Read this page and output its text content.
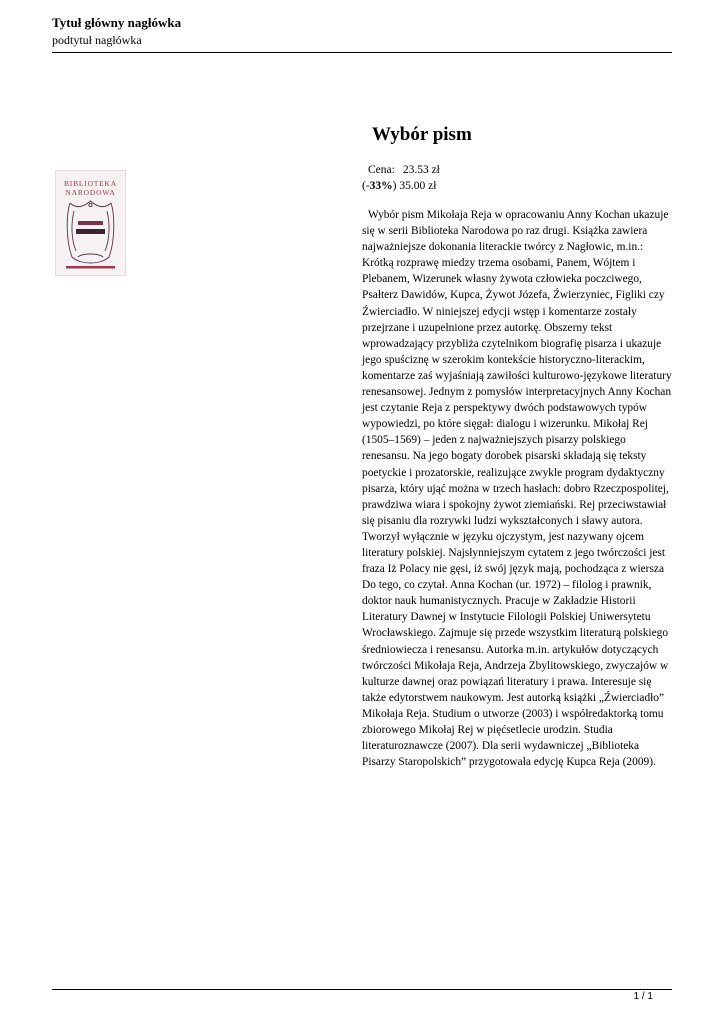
Tytuł główny nagłówka
podtytuł nagłówka
BIBLIOTEKA
NARODOWA
Wybór pism
Cena: 23.53 zł
(-33%) 35.00 zł

Wybór pism Mikołaja Reja w opracowaniu Anny Kochan ukazuje się w serii Biblioteka Narodowa po raz drugi. Książka zawiera najważniejsze dokonania literackie twórcy z Nagłowic, m.in.: Krótką rozprawę miedzy trzema osobami, Panem, Wójtem i Plebanem, Wizerunek własny żywota człowieka poczciwego, Psałterz Dawidów, Kupca, Żywot Józefa, Źwierzyniec, Figliki czy Źwierciadło. W niniejszej edycji wstęp i komentarze zostały przejrzane i uzupełnione przez autorkę. Obszerny tekst wprowadzający przybliża czytelnikom biografię pisarza i ukazuje jego spuściznę w szerokim kontekście historyczno-literackim, komentarze zaś wyjaśniają zawiłości kulturowo-językowe literatury renesansowej. Jednym z pomysłów interpretacyjnych Anny Kochan jest czytanie Reja z perspektywy dwóch podstawowych typów wypowiedzi, po które sięgał: dialogu i wizerunku. Mikołaj Rej (1505–1569) – jeden z najważniejszych pisarzy polskiego renesansu. Na jego bogaty dorobek pisarski składają się teksty poetyckie i prozatorskie, realizujące zwykle program dydaktyczny pisarza, który ująć można w trzech hasłach: dobro Rzeczpospolitej, prawdziwa wiara i spokojny żywot ziemiański. Rej przeciwstawiał się pisaniu dla rozrywki ludzi wykształconych i sławy autora. Tworzył wyłącznie w języku ojczystym, jest nazywany ojcem literatury polskiej. Najsłynniejszym cytatem z jego twórczości jest fraza Iż Polacy nie gęsi, iż swój język mają, pochodząca z wiersza Do tego, co czytał. Anna Kochan (ur. 1972) – filolog i prawnik, doktor nauk humanistycznych. Pracuje w Zakładzie Historii Literatury Dawnej w Instytucie Filologii Polskiej Uniwersytetu Wrocławskiego. Zajmuje się przede wszystkim literaturą polskiego średniowiecza i renesansu. Autorka m.in. artykułów dotyczących twórczości Mikołaja Reja, Andrzeja Zbylitowskiego, zwyczajów w kulturze dawnej oraz powiązań literatury i prawa. Interesuje się także edytorstwem naukowym. Jest autorką książki „Źwierciadło” Mikołaja Reja. Studium o utworze (2003) i współredaktorką tomu zbiorowego Mikołaj Rej w pięćsetlecie urodzin. Studia literaturoznawcze (2007). Dla serii wydawniczej „Biblioteka Pisarzy Staropolskich” przygotowała edycję Kupca Reja (2009).

1 / 1
